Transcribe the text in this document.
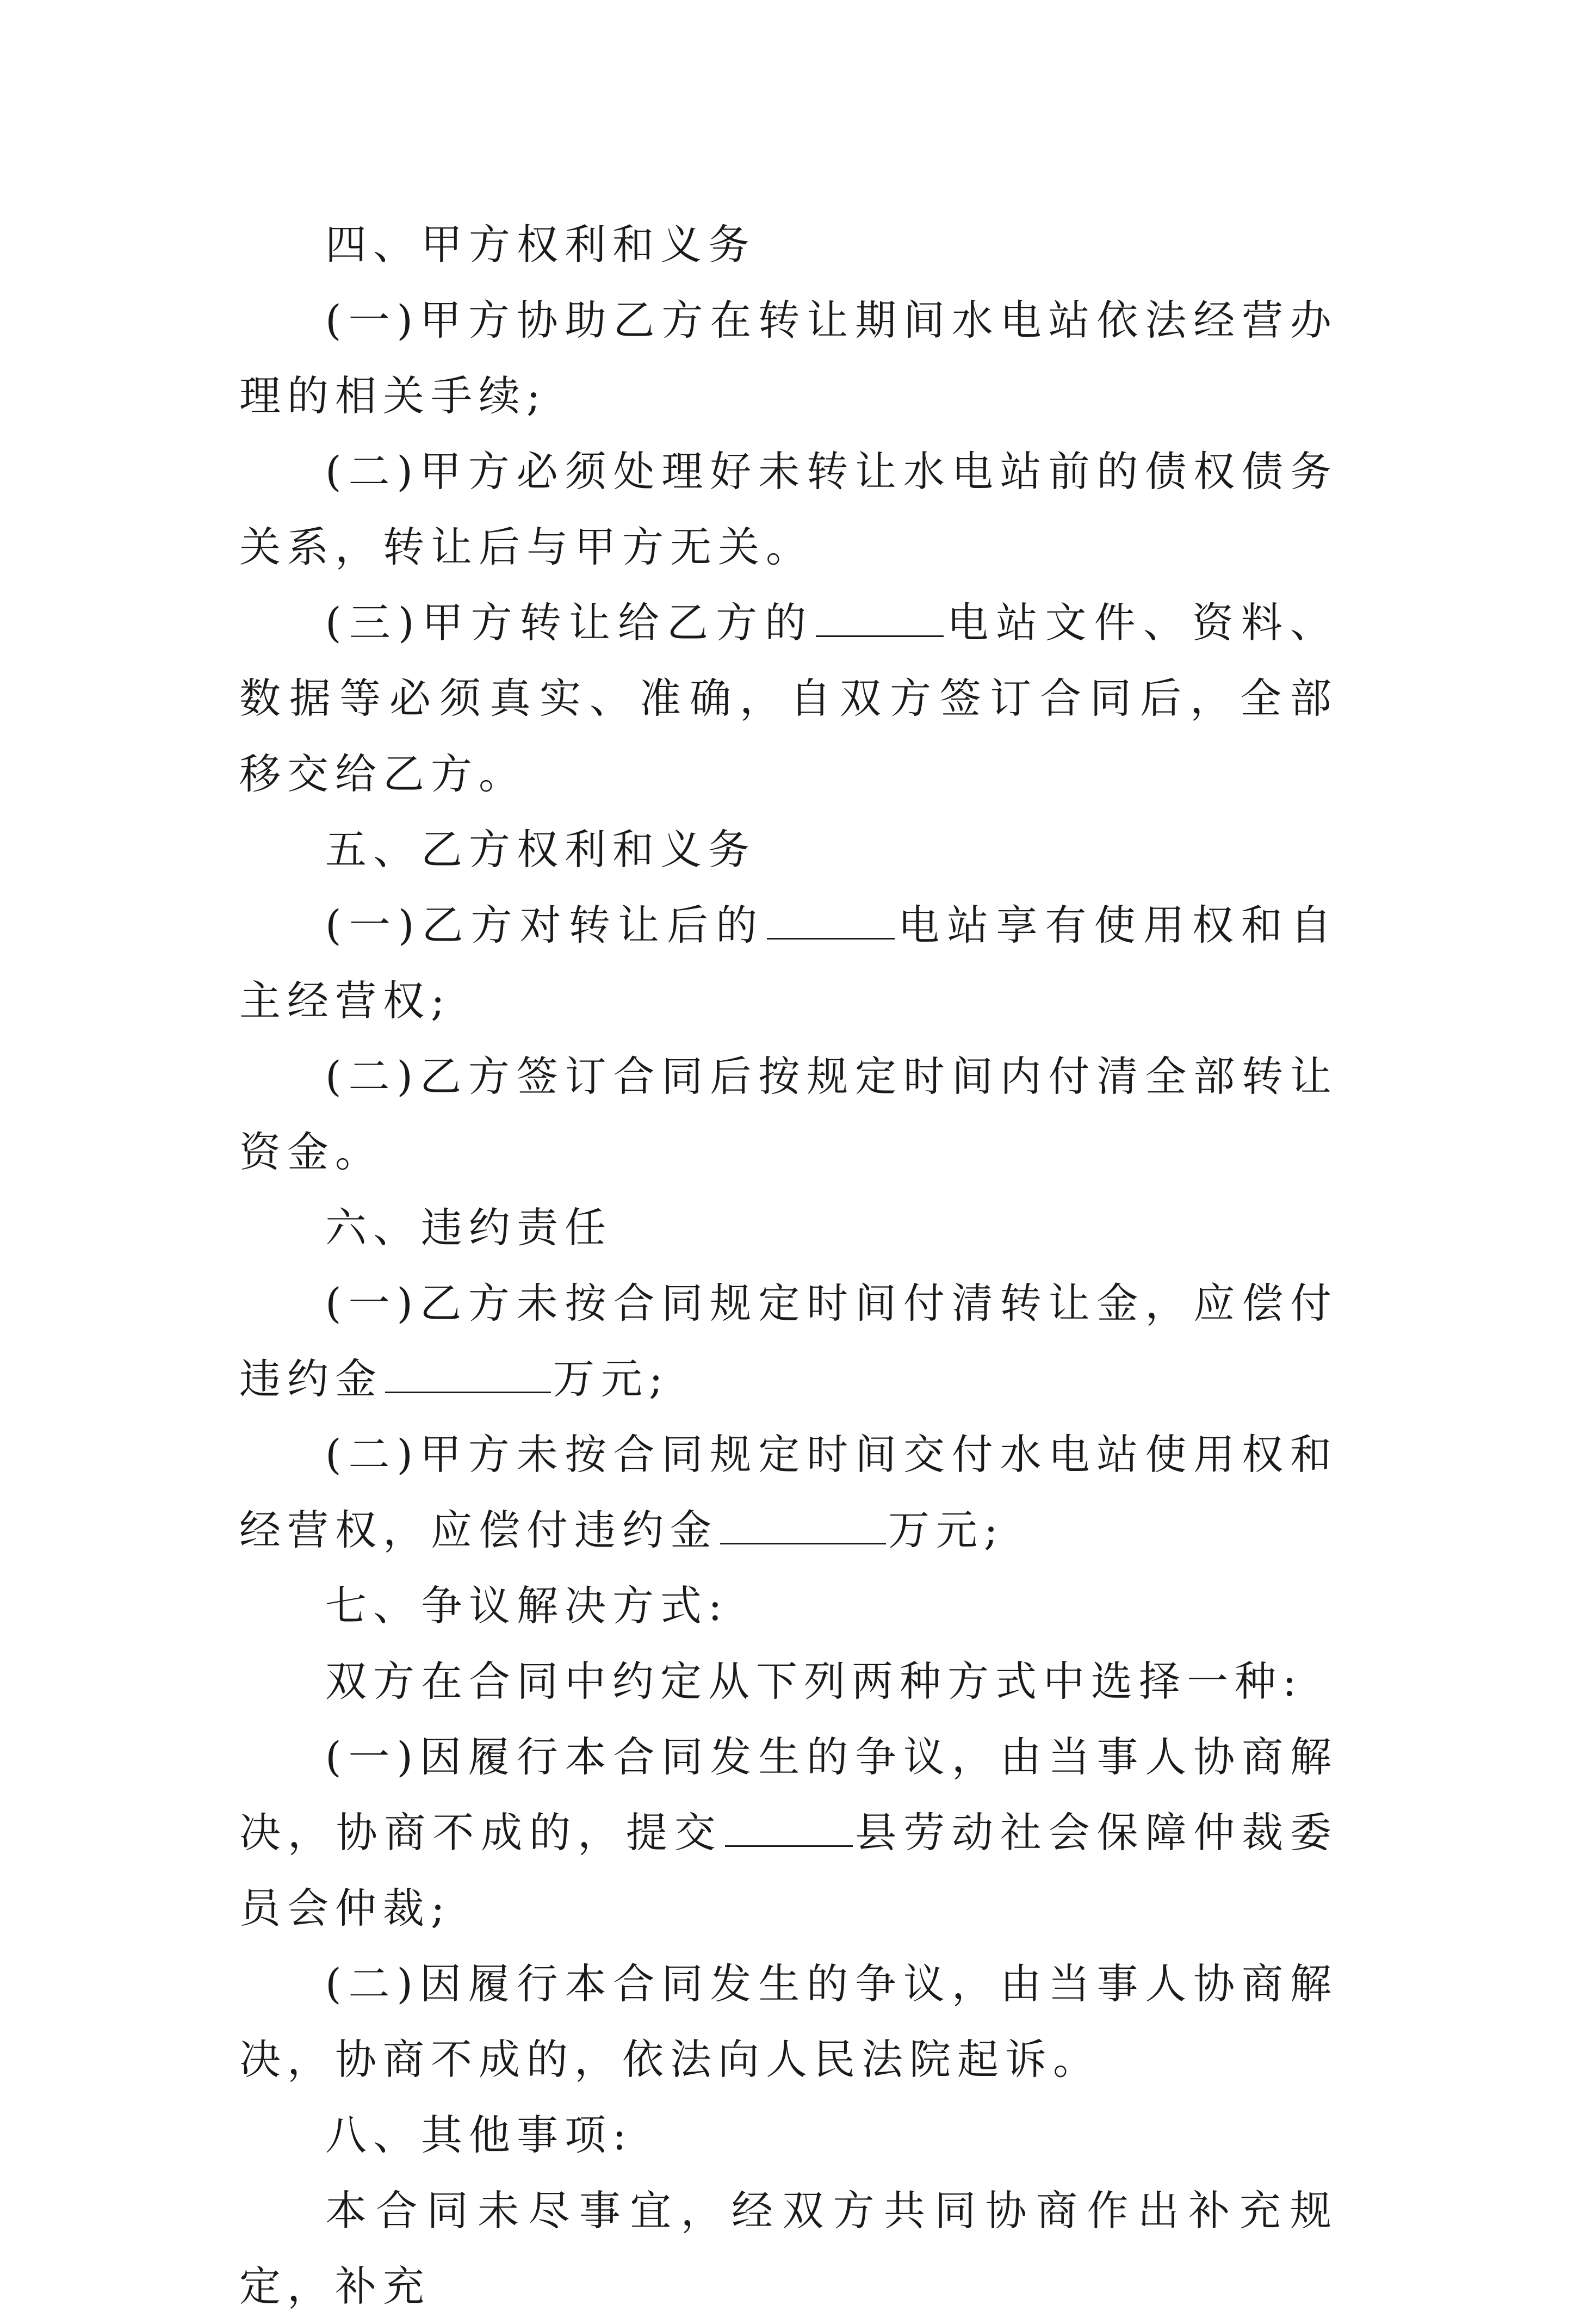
四、甲方权利和义务

(一)甲方协助乙方在转让期间水电站依法经营办理的相关手续;

(二)甲方必须处理好未转让水电站前的债权债务关系，转让后与甲方无关。

(三)甲方转让给乙方的	电站文件、资料、数据等必须真实、准确，自双方签订合同后，全部移交给乙方。

五、乙方权利和义务

(一)乙方对转让后的	电站享有使用权和自主经营权;

(二)乙方签订合同后按规定时间内付清全部转让资金。

六、违约责任

(一)乙方未按合同规定时间付清转让金，应偿付违约金	万元;

(二)甲方未按合同规定时间交付水电站使用权和经营权，应偿付违约金	万元;

七、争议解决方式:

双方在合同中约定从下列两种方式中选择一种:

(一)因履行本合同发生的争议，由当事人协商解决，协商不成的，提交	县劳动社会保障仲裁委员会仲裁;

(二)因履行本合同发生的争议，由当事人协商解决，协商不成的，依法向人民法院起诉。

八、其他事项:

本合同未尽事宜，经双方共同协商作出补充规定，补充
